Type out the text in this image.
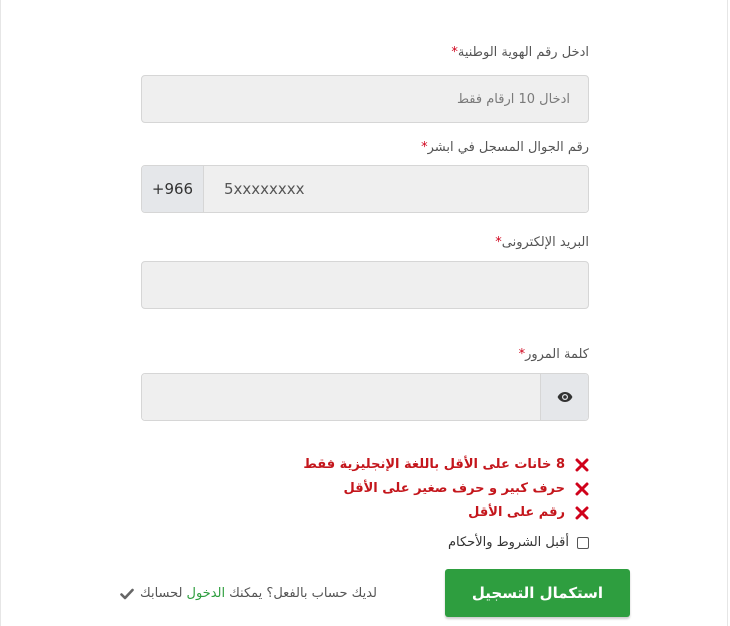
ادخل رقم الهوية الوطنية*
ادخال 10 ارقام فقط
رقم الجوال المسجل في ابشر*
+966
5xxxxxxxx
البريد الإلكترونى*
كلمة المرور*
8 خانات على الأقل باللغة الإنجليزية فقط
حرف كبير و حرف صغير على الأقل
رقم على الأقل
أقبل الشروط والأحكام
استكمال التسجيل
لديك حساب بالفعل؟ يمكنك
الدخول
لحسابك
